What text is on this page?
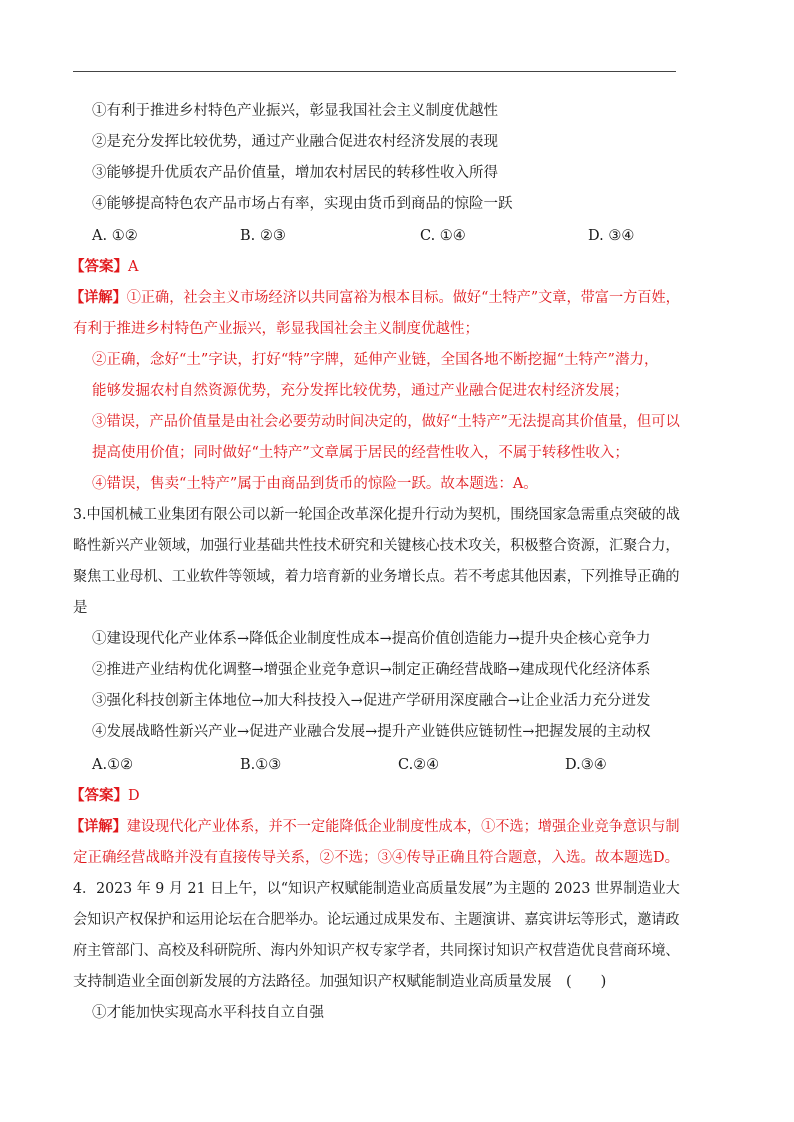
①有利于推进乡村特色产业振兴，彰显我国社会主义制度优越性
②是充分发挥比较优势，通过产业融合促进农村经济发展的表现
③能够提升优质农产品价值量，增加农村居民的转移性收入所得
④能够提高特色农产品市场占有率，实现由货币到商品的惊险一跃
A. ①②	B. ②③	C. ①④	D. ③④
【答案】A
【详解】①正确，社会主义市场经济以共同富裕为根本目标。做好“土特产”文章，带富一方百姓，
有利于推进乡村特色产业振兴，彰显我国社会主义制度优越性；
②正确，念好“土”字诀，打好“特”字牌，延伸产业链，全国各地不断挖掘“土特产”潜力，
能够发掘农村自然资源优势，充分发挥比较优势，通过产业融合促进农村经济发展；
③错误，产品价值量是由社会必要劳动时间决定的，做好“土特产”无法提高其价值量，但可以
提高使用价值；同时做好“土特产”文章属于居民的经营性收入，不属于转移性收入；
④错误，售卖“土特产”属于由商品到货币的惊险一跃。故本题选：A。
3.中国机械工业集团有限公司以新一轮国企改革深化提升行动为契机，围绕国家急需重点突破的战
略性新兴产业领域，加强行业基础共性技术研究和关键核心技术攻关，积极整合资源，汇聚合力，
聚焦工业母机、工业软件等领域，着力培育新的业务增长点。若不考虑其他因素，下列推导正确的
是
①建设现代化产业体系→降低企业制度性成本→提高价值创造能力→提升央企核心竞争力
②推进产业结构优化调整→增强企业竞争意识→制定正确经营战略→建成现代化经济体系
③强化科技创新主体地位→加大科技投入→促进产学研用深度融合→让企业活力充分迸发
④发展战略性新兴产业→促进产业融合发展→提升产业链供应链韧性→把握发展的主动权
A.①②	B.①③	C.②④	D.③④
【答案】D
【详解】建设现代化产业体系，并不一定能降低企业制度性成本，①不选；增强企业竞争意识与制
定正确经营战略并没有直接传导关系，②不选；③④传导正确且符合题意，入选。故本题选D。
4．2023 年 9 月 21 日上午，以“知识产权赋能制造业高质量发展”为主题的 2023 世界制造业大
会知识产权保护和运用论坛在合肥举办。论坛通过成果发布、主题演讲、嘉宾讲坛等形式，邀请政
府主管部门、高校及科研院所、海内外知识产权专家学者，共同探讨知识产权营造优良营商环境、
支持制造业全面创新发展的方法路径。加强知识产权赋能制造业高质量发展　(　　)
①才能加快实现高水平科技自立自强
